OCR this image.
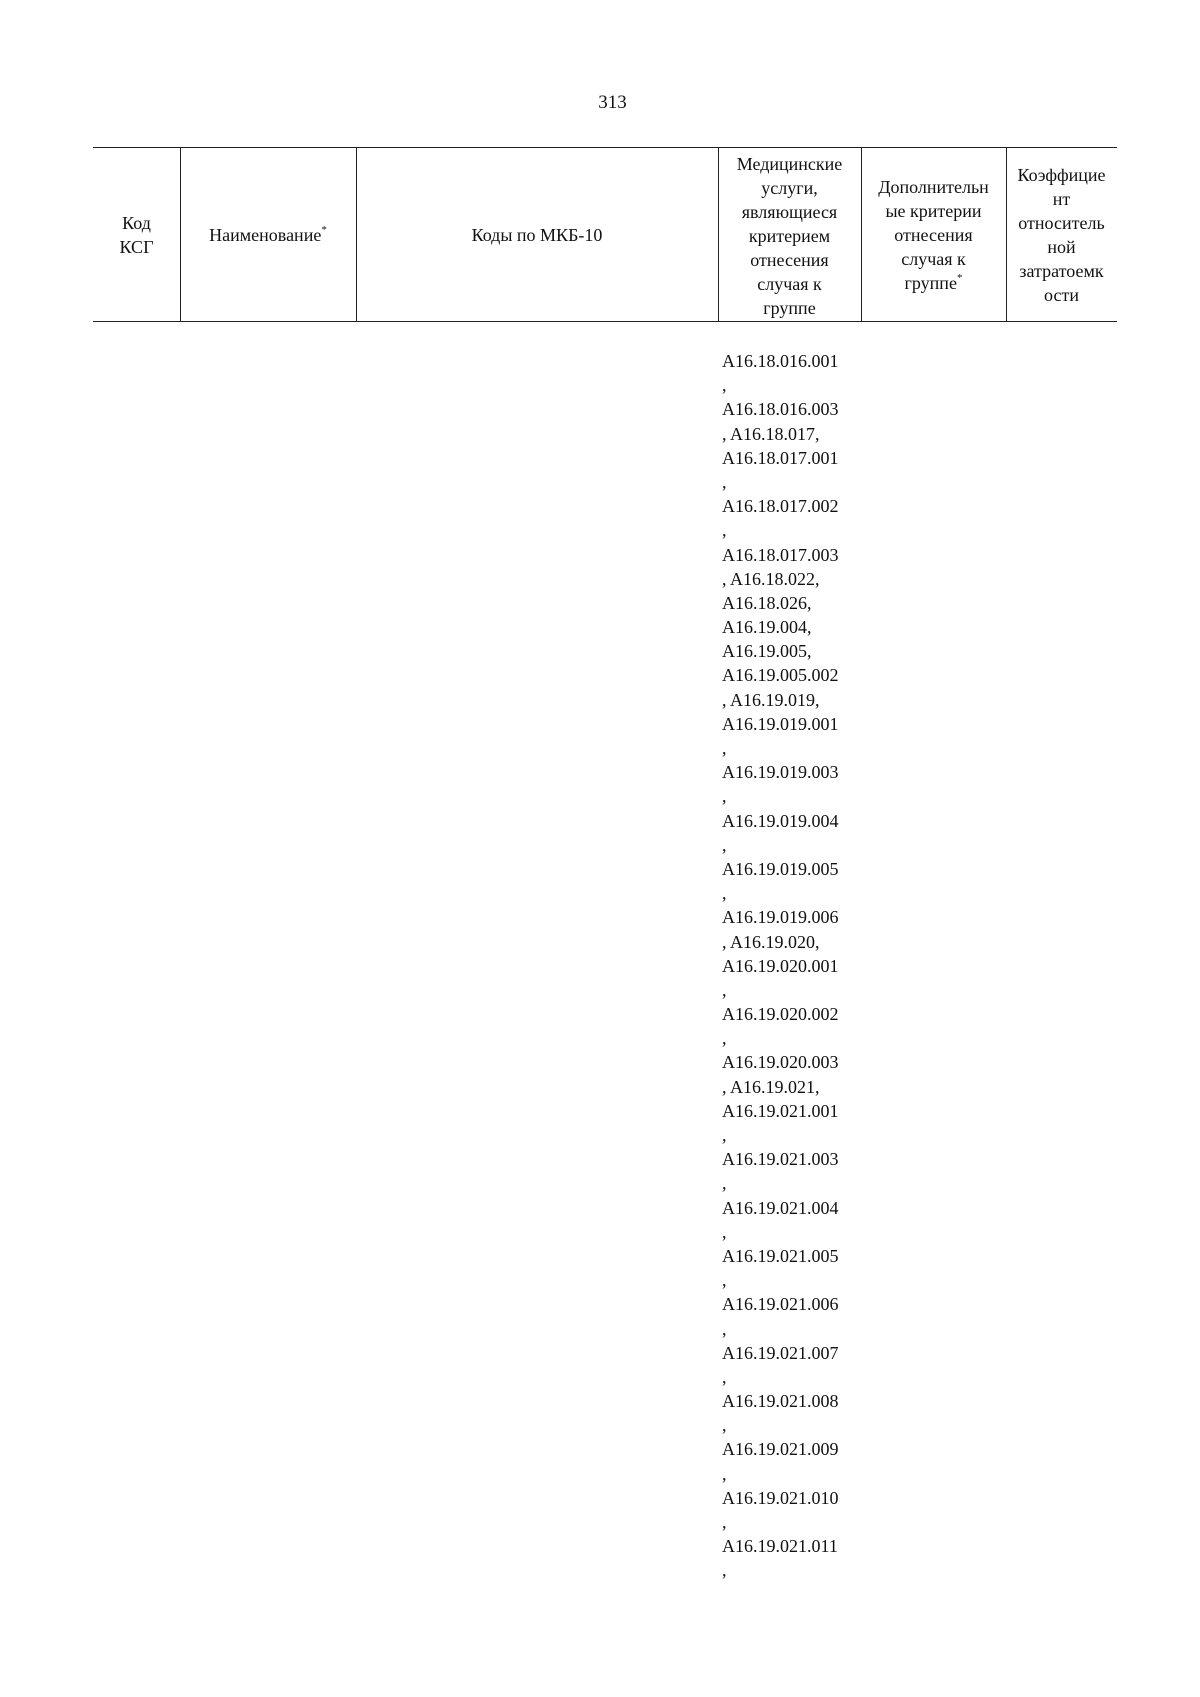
313
Код
КСГ
Наименование*	Коды по МКБ-10
Медицинские
услуги,
являющиеся
критерием
отнесения
случая к
группе
Дополнительн
ые критерии
отнесения
случая к
группе*
Коэффицие
нт
относитель
ной
затратоемк
ости
A16.18.016.001
,
A16.18.016.003
, A16.18.017,
A16.18.017.001
,
A16.18.017.002
,
A16.18.017.003
, A16.18.022,
A16.18.026,
A16.19.004,
A16.19.005,
A16.19.005.002
, A16.19.019,
A16.19.019.001
,
A16.19.019.003
,
A16.19.019.004
,
A16.19.019.005
,
A16.19.019.006
, A16.19.020,
A16.19.020.001
,
A16.19.020.002
,
A16.19.020.003
, A16.19.021,
A16.19.021.001
,
A16.19.021.003
,
A16.19.021.004
,
A16.19.021.005
,
A16.19.021.006
,
A16.19.021.007
,
A16.19.021.008
,
A16.19.021.009
,
A16.19.021.010
,
A16.19.021.011
,
